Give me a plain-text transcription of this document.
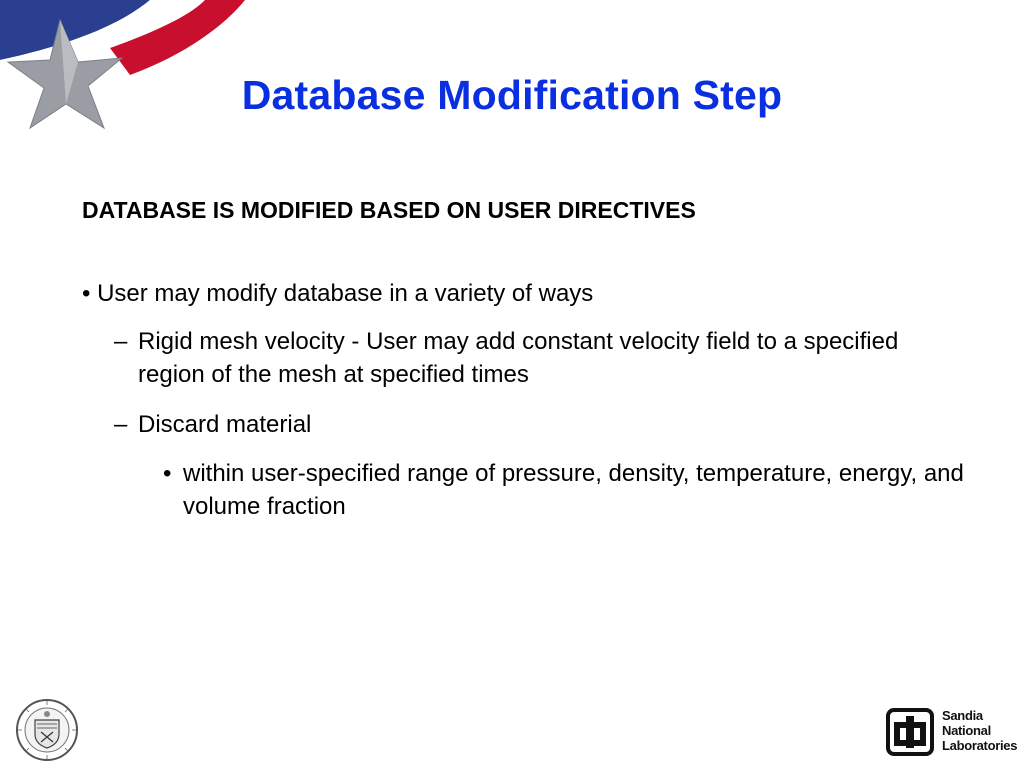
Database Modification Step
DATABASE IS MODIFIED BASED ON USER DIRECTIVES
• User may modify database in a variety of ways
– Rigid mesh velocity - User may add constant velocity field to a specified region of the mesh at specified times
– Discard material
• within user-specified range of pressure, density, temperature, energy, and volume fraction
Sandia
National
Laboratories
